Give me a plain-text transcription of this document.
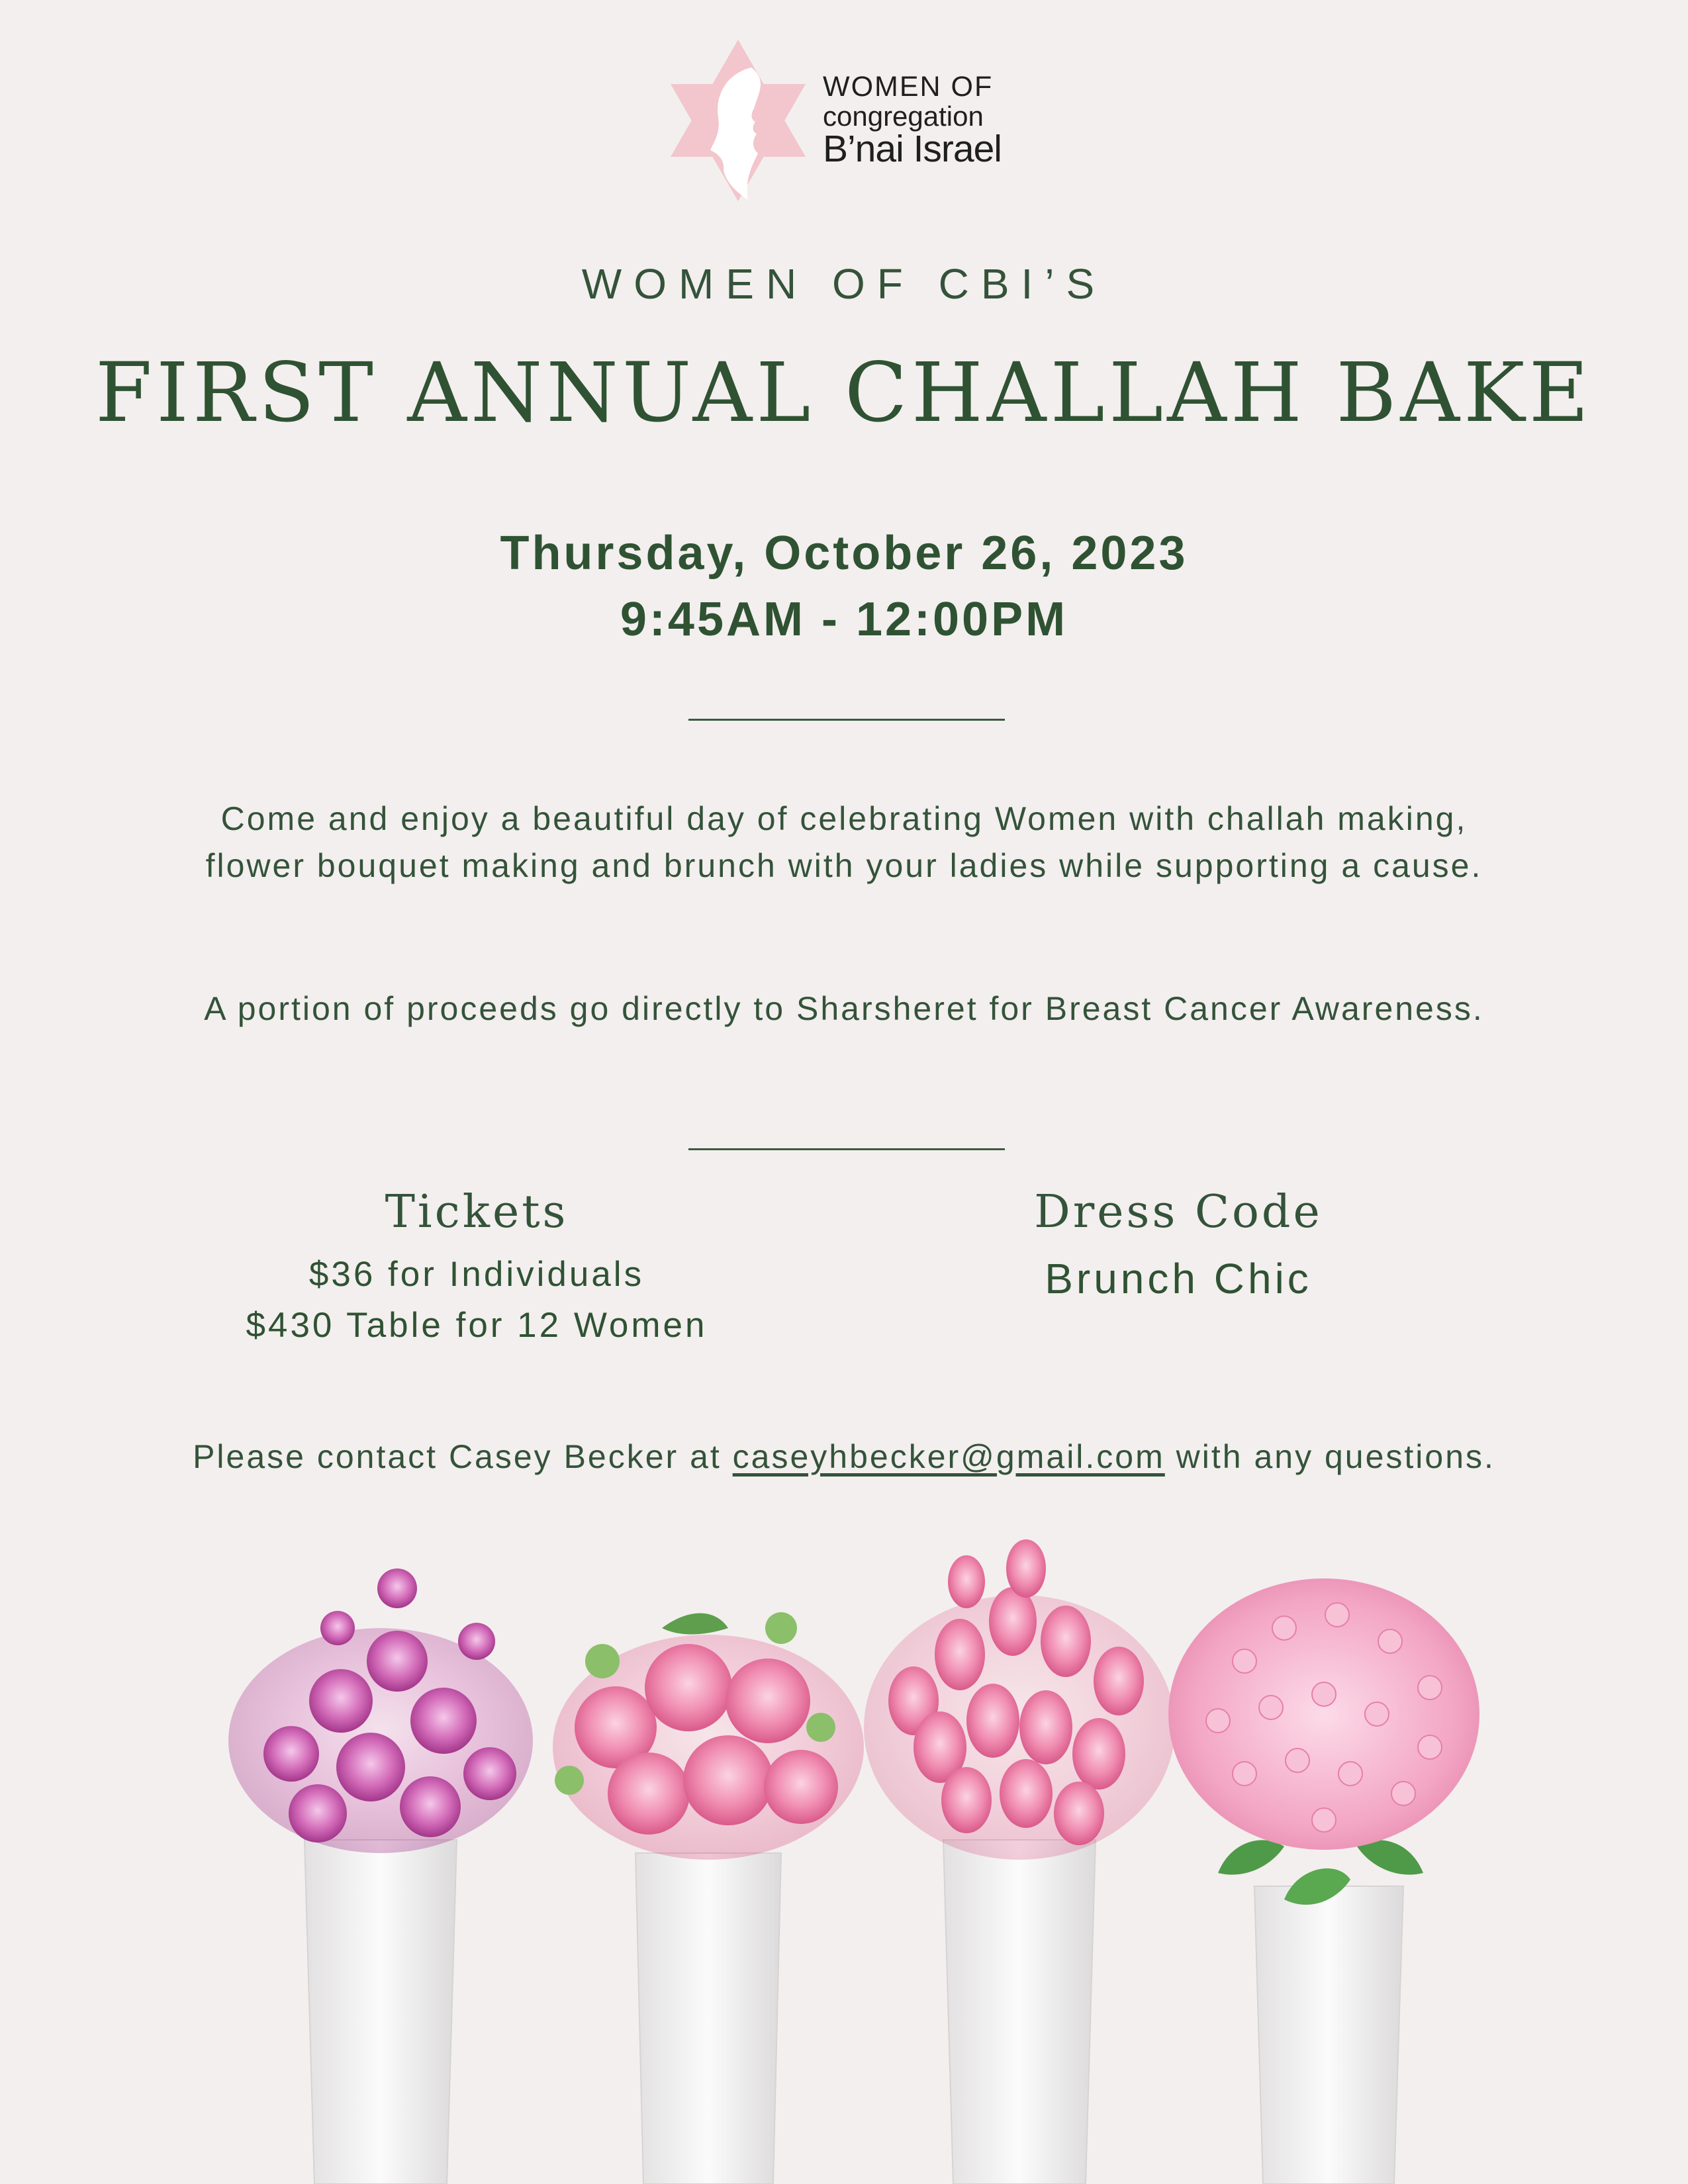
WOMEN OF
congregation
B’nai Israel
WOMEN OF CBI’S
FIRST ANNUAL CHALLAH BAKE
Thursday, October 26, 2023
9:45AM - 12:00PM
Come and enjoy a beautiful day of celebrating Women with challah making, flower bouquet making and brunch with your ladies while supporting a cause.
A portion of proceeds go directly to Sharsheret for Breast Cancer Awareness.
Tickets
$36 for Individuals
$430 Table for 12 Women
Dress Code
Brunch Chic
Please contact Casey Becker at caseyhbecker@gmail.com with any questions.
